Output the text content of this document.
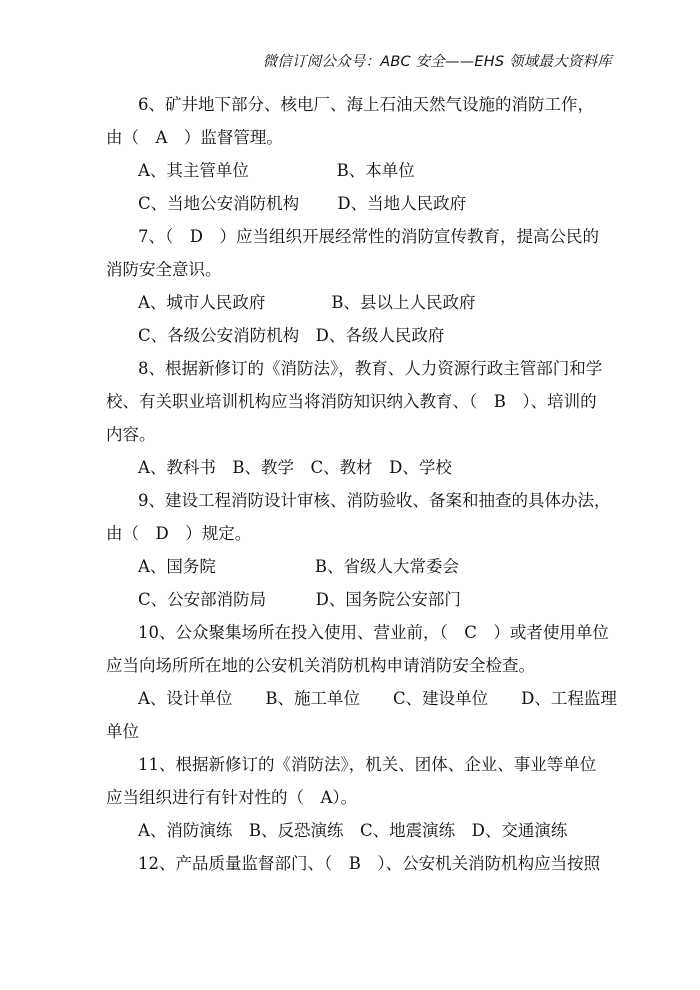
微信订阅公众号：ABC 安全——EHS 领域最大资料库
6、矿井地下部分、核电厂、海上石油天然气设施的消防工作，
由（　A　）监督管理。
A、其主管单位　　　　　 B、本单位
C、当地公安消防机构　　 D、当地人民政府
7、（　D　）应当组织开展经常性的消防宣传教育，提高公民的
消防安全意识。
A、城市人民政府　　　　B、县以上人民政府
C、各级公安消防机构　D、各级人民政府
8、根据新修订的《消防法》，教育、人力资源行政主管部门和学
校、有关职业培训机构应当将消防知识纳入教育、（　B　）、培训的
内容。
A、教科书　B、教学　C、教材　D、学校
9、建设工程消防设计审核、消防验收、备案和抽查的具体办法，
由（　D　）规定。
A、国务院　　　　　　B、省级人大常委会
C、公安部消防局　　　D、国务院公安部门
10、公众聚集场所在投入使用、营业前，（　C　）或者使用单位
应当向场所所在地的公安机关消防机构申请消防安全检查。
A、设计单位　　B、施工单位　　C、建设单位　　D、工程监理
单位
11、根据新修订的《消防法》，机关、团体、企业、事业等单位
应当组织进行有针对性的（　A）。
A、消防演练　B、反恐演练　C、地震演练　D、交通演练
12、产品质量监督部门、（　B　）、公安机关消防机构应当按照
